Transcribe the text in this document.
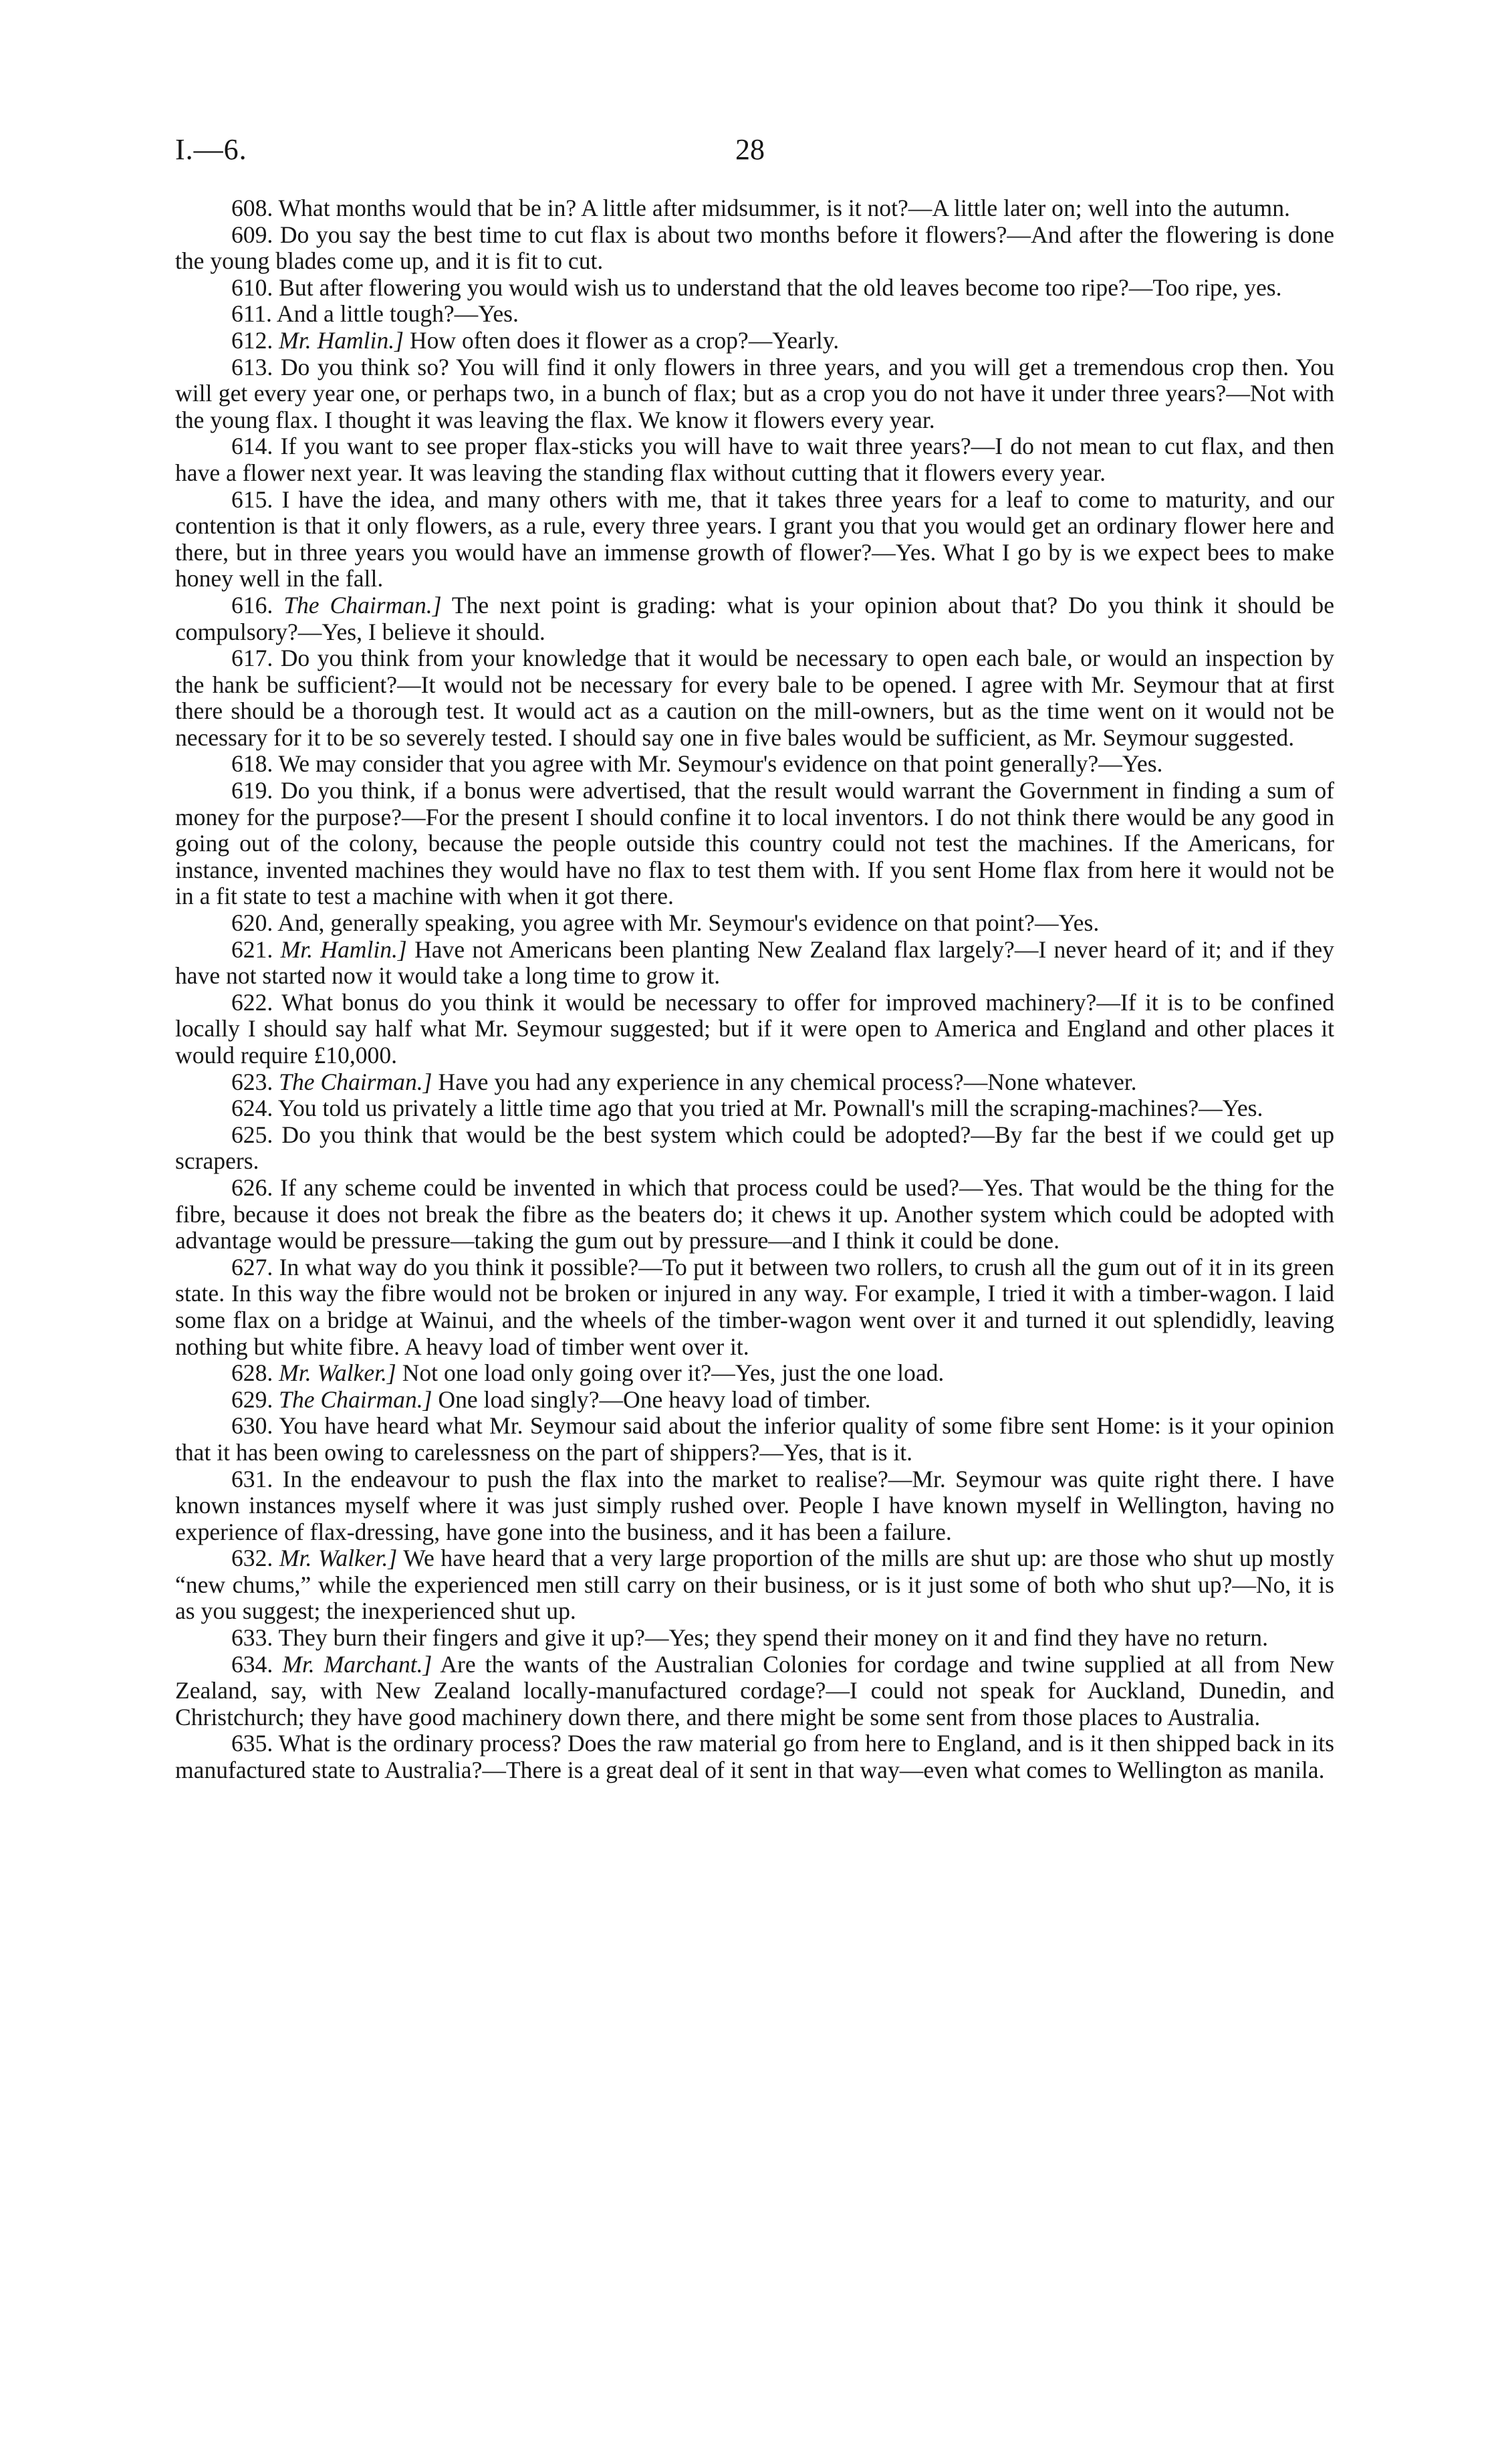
I.—6.	28

608. What months would that be in? A little after midsummer, is it not?—A little later on; well into the autumn.

609. Do you say the best time to cut flax is about two months before it flowers?—And after the flowering is done the young blades come up, and it is fit to cut.

610. But after flowering you would wish us to understand that the old leaves become too ripe?—Too ripe, yes.

611. And a little tough?—Yes.

612. Mr. Hamlin.] How often does it flower as a crop?—Yearly.

613. Do you think so? You will find it only flowers in three years, and you will get a tremendous crop then. You will get every year one, or perhaps two, in a bunch of flax; but as a crop you do not have it under three years?—Not with the young flax. I thought it was leaving the flax. We know it flowers every year.

614. If you want to see proper flax-sticks you will have to wait three years?—I do not mean to cut flax, and then have a flower next year. It was leaving the standing flax without cutting that it flowers every year.

615. I have the idea, and many others with me, that it takes three years for a leaf to come to maturity, and our contention is that it only flowers, as a rule, every three years. I grant you that you would get an ordinary flower here and there, but in three years you would have an immense growth of flower?—Yes. What I go by is we expect bees to make honey well in the fall.

616. The Chairman.] The next point is grading: what is your opinion about that? Do you think it should be compulsory?—Yes, I believe it should.

617. Do you think from your knowledge that it would be necessary to open each bale, or would an inspection by the hank be sufficient?—It would not be necessary for every bale to be opened. I agree with Mr. Seymour that at first there should be a thorough test. It would act as a caution on the mill-owners, but as the time went on it would not be necessary for it to be so severely tested. I should say one in five bales would be sufficient, as Mr. Seymour suggested.

618. We may consider that you agree with Mr. Seymour's evidence on that point generally?—Yes.

619. Do you think, if a bonus were advertised, that the result would warrant the Government in finding a sum of money for the purpose?—For the present I should confine it to local inventors. I do not think there would be any good in going out of the colony, because the people outside this country could not test the machines. If the Americans, for instance, invented machines they would have no flax to test them with. If you sent Home flax from here it would not be in a fit state to test a machine with when it got there.

620. And, generally speaking, you agree with Mr. Seymour's evidence on that point?—Yes.

621. Mr. Hamlin.] Have not Americans been planting New Zealand flax largely?—I never heard of it; and if they have not started now it would take a long time to grow it.

622. What bonus do you think it would be necessary to offer for improved machinery?—If it is to be confined locally I should say half what Mr. Seymour suggested; but if it were open to America and England and other places it would require £10,000.

623. The Chairman.] Have you had any experience in any chemical process?—None whatever.

624. You told us privately a little time ago that you tried at Mr. Pownall's mill the scraping-machines?—Yes.

625. Do you think that would be the best system which could be adopted?—By far the best if we could get up scrapers.

626. If any scheme could be invented in which that process could be used?—Yes. That would be the thing for the fibre, because it does not break the fibre as the beaters do; it chews it up. Another system which could be adopted with advantage would be pressure—taking the gum out by pressure—and I think it could be done.

627. In what way do you think it possible?—To put it between two rollers, to crush all the gum out of it in its green state. In this way the fibre would not be broken or injured in any way. For example, I tried it with a timber-wagon. I laid some flax on a bridge at Wainui, and the wheels of the timber-wagon went over it and turned it out splendidly, leaving nothing but white fibre. A heavy load of timber went over it.

628. Mr. Walker.] Not one load only going over it?—Yes, just the one load.

629. The Chairman.] One load singly?—One heavy load of timber.

630. You have heard what Mr. Seymour said about the inferior quality of some fibre sent Home: is it your opinion that it has been owing to carelessness on the part of shippers?—Yes, that is it.

631. In the endeavour to push the flax into the market to realise?—Mr. Seymour was quite right there. I have known instances myself where it was just simply rushed over. People I have known myself in Wellington, having no experience of flax-dressing, have gone into the business, and it has been a failure.

632. Mr. Walker.] We have heard that a very large proportion of the mills are shut up: are those who shut up mostly “new chums,” while the experienced men still carry on their business, or is it just some of both who shut up?—No, it is as you suggest; the inexperienced shut up.

633. They burn their fingers and give it up?—Yes; they spend their money on it and find they have no return.

634. Mr. Marchant.] Are the wants of the Australian Colonies for cordage and twine supplied at all from New Zealand, say, with New Zealand locally-manufactured cordage?—I could not speak for Auckland, Dunedin, and Christchurch; they have good machinery down there, and there might be some sent from those places to Australia.

635. What is the ordinary process? Does the raw material go from here to England, and is it then shipped back in its manufactured state to Australia?—There is a great deal of it sent in that way—even what comes to Wellington as manila.
